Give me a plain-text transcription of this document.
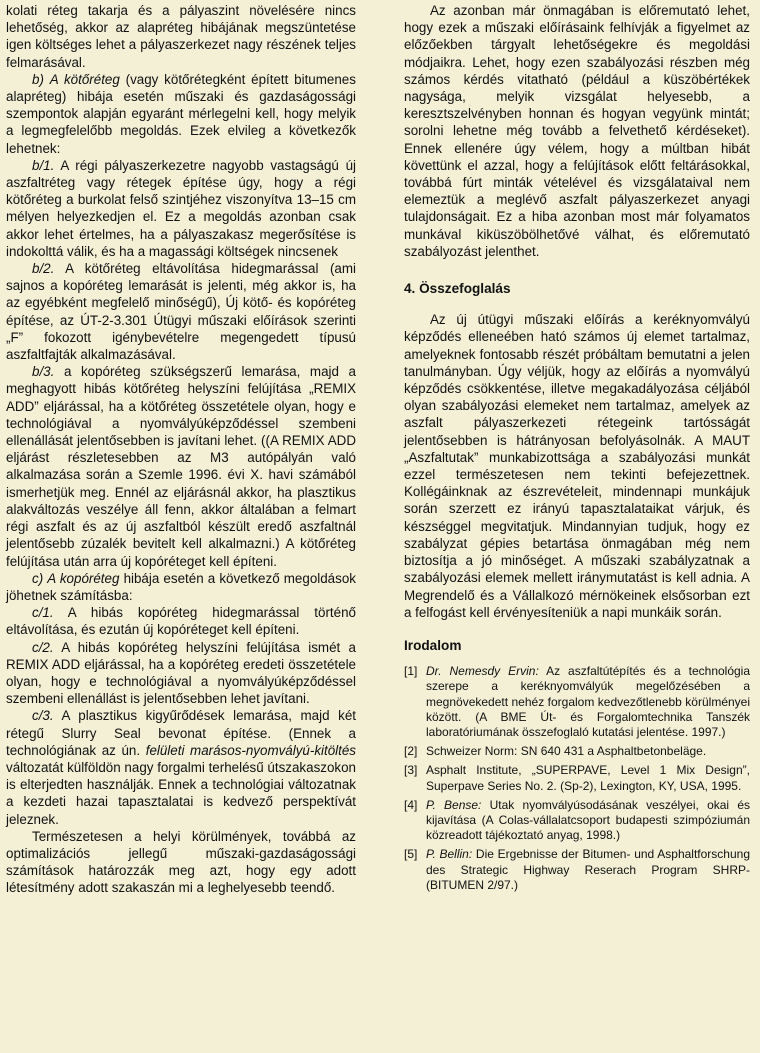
kolati réteg takarja és a pályaszint növelésére nincs lehetőség, akkor az alapréteg hibájának megszüntetése igen költséges lehet a pályaszerkezet nagy részének teljes felmarásával.

b) A kötőréteg (vagy kötőrétegként épített bitumenes alapréteg) hibája esetén műszaki és gazdaságossági szempontok alapján egyaránt mérlegelni kell, hogy melyik a legmegfelelőbb megoldás. Ezek elvileg a következők lehetnek:

b/1. A régi pályaszerkezetre nagyobb vastagságú új aszfaltréteg vagy rétegek építése úgy, hogy a régi kötőréteg a burkolat felső szintjéhez viszonyítva 13–15 cm mélyen helyezkedjen el. Ez a megoldás azonban csak akkor lehet értelmes, ha a pályaszakasz megerősítése is indokolttá válik, és ha a magassági költségek nincsenek

b/2. A kötőréteg eltávolítása hidegmarással (ami sajnos a kopóréteg lemarását is jelenti, még akkor is, ha az egyébként megfelelő minőségű), Új kötő- és kopóréteg építése, az ÚT-2-3.301 Útügyi műszaki előírások szerinti „F” fokozott igénybevételre megengedett típusú aszfaltfajták alkalmazásával.

b/3. a kopóréteg szükségszerű lemarása, majd a meghagyott hibás kötőréteg helyszíni felújítása „REMIX ADD” eljárással, ha a kötőréteg összetétele olyan, hogy e technológiával a nyomvályúképződéssel szembeni ellenállását jelentősebben is javítani lehet. ((A REMIX ADD eljárást részletesebben az M3 autópályán való alkalmazása során a Szemle 1996. évi X. havi számából ismerhetjük meg. Ennél az eljárásnál akkor, ha plasztikus alakváltozás veszélye áll fenn, akkor általában a felmart régi aszfalt és az új aszfaltból készült eredő aszfaltnál jelentősebb zúzalék bevitelt kell alkalmazni.) A kötőréteg felújítása után arra új kopóréteget kell építeni.

c) A kopóréteg hibája esetén a következő megoldások jöhetnek számításba:

c/1. A hibás kopóréteg hidegmarással történő eltávolítása, és ezután új kopóréteget kell építeni.

c/2. A hibás kopóréteg helyszíni felújítása ismét a REMIX ADD eljárással, ha a kopóréteg eredeti összetétele olyan, hogy e technológiával a nyomvályúképződéssel szembeni ellenállást is jelentősebben lehet javítani.

c/3. A plasztikus kigyűrődések lemarása, majd két rétegű Slurry Seal bevonat építése. (Ennek a technológiának az ún. felületi marásos-nyomvályú-kitöltés változatát külföldön nagy forgalmi terhelésű útszakaszokon is elterjedten használják. Ennek a technológiai változatnak a kezdeti hazai tapasztalatai is kedvező perspektívát jeleznek.

Természetesen a helyi körülmények, továbbá az optimalizációs jellegű műszaki-gazdaságossági számítások határozzák meg azt, hogy egy adott létesítmény adott szakaszán mi a leghelyesebb teendő.

Az azonban már önmagában is előremutató lehet, hogy ezek a műszaki előírásaink felhívják a figyelmet az előzőekben tárgyalt lehetőségekre és megoldási módjaikra. Lehet, hogy ezen szabályozási részben még számos kérdés vitatható (például a küszöbértékek nagysága, melyik vizsgálat helyesebb, a keresztszelvényben honnan és hogyan vegyünk mintát; sorolni lehetne még tovább a felvethető kérdéseket). Ennek ellenére úgy vélem, hogy a múltban hibát követtünk el azzal, hogy a felújítások előtt feltárásokkal, továbbá fúrt minták vételével és vizsgálataival nem elemeztük a meglévő aszfalt pályaszerkezet anyagi tulajdonságait. Ez a hiba azonban most már folyamatos munkával kiküszöbölhetővé válhat, és előremutató szabályozást jelenthet.

4. Összefoglalás

Az új útügyi műszaki előírás a keréknyomvályú képződés elleneében ható számos új elemet tartalmaz, amelyeknek fontosabb részét próbáltam bemutatni a jelen tanulmányban. Úgy véljük, hogy az előírás a nyomvályú képződés csökkentése, illetve megakadályozása céljából olyan szabályozási elemeket nem tartalmaz, amelyek az aszfalt pályaszerkezeti rétegeink tartósságát jelentősebben is hátrányosan befolyásolnák. A MAUT „Aszfaltutak” munkabizottsága a szabályozási munkát ezzel természetesen nem tekinti befejezettnek. Kollégáinknak az észrevételeit, mindennapi munkájuk során szerzett ez irányú tapasztalataikat várjuk, és készséggel megvitatjuk. Mindannyian tudjuk, hogy ez szabályzat gépies betartása önmagában még nem biztosítja a jó minőséget. A műszaki szabályzatnak a szabályozási elemek mellett iránymutatást is kell adnia. A Megrendelő és a Vállalkozó mérnökeinek elsősorban ezt a felfogást kell érvényesíteniük a napi munkáik során.

Irodalom
[1] Dr. Nemesdy Ervin: Az aszfaltútépítés és a technológia szerepe a keréknyomvályúk megelőzésében a megnövekedett nehéz forgalom kedvezőtlenebb körülményei között. (A BME Út- és Forgalomtechnika Tanszék laboratóriumának összefoglaló kutatási jelentése. 1997.)
[2] Schweizer Norm: SN 640 431 a Asphaltbetonbeläge.
[3] Asphalt Institute, „SUPERPAVE, Level 1 Mix Design”, Superpave Series No. 2. (Sp-2), Lexington, KY, USA, 1995.
[4] P. Bense: Utak nyomvályúsodásának veszélyei, okai és kijavítása (A Colas-vállalatcsoport budapesti szimpóziumán közreadott tájékoztató anyag, 1998.)
[5] P. Bellin: Die Ergebnisse der Bitumen- und Asphaltforschung des Strategic Highway Reserach Program SHRP- (BITUMEN 2/97.)
